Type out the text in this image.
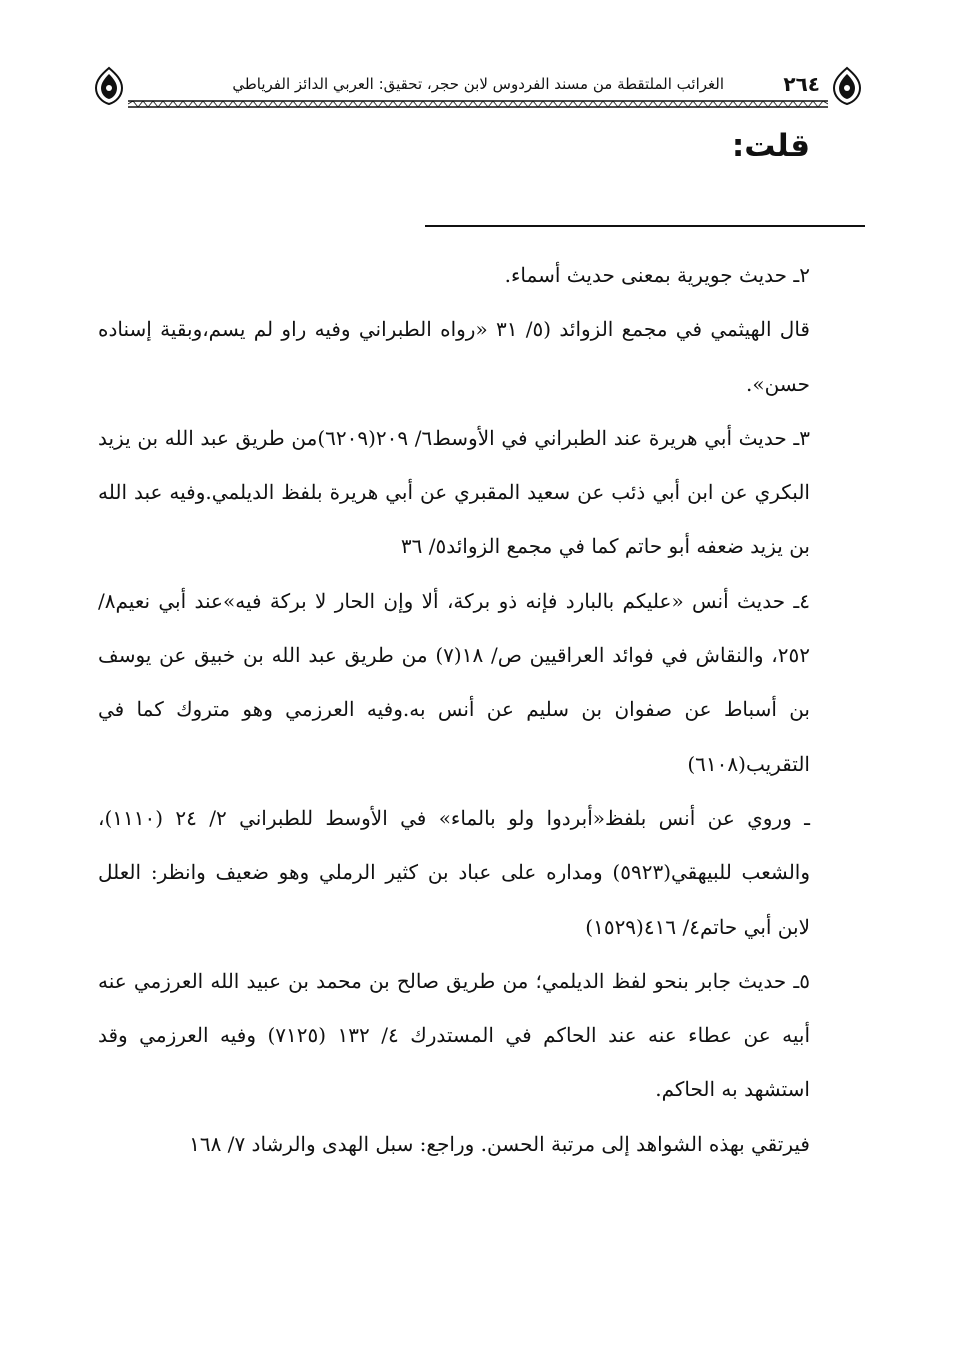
٢٦٤
الغرائب الملتقطة من مسند الفردوس لابن حجر، تحقيق: العربي الدائز الفرياطي
قلت:

٢ـ حديث جويرية بمعنى حديث أسماء.

قال الهيثمي في مجمع الزوائد (٥/ ٣١ «رواه الطبراني وفيه راو لم يسم،وبقية إسناده حسن».

٣ـ حديث أبي هريرة عند الطبراني في الأوسط٦/ ٢٠٩(٦٢٠٩)من طريق عبد الله بن يزيد البكري عن ابن أبي ذئب عن سعيد المقبري عن أبي هريرة بلفظ الديلمي.وفيه عبد الله بن يزيد ضعفه أبو حاتم كما في مجمع الزوائد٥/ ٣٦

٤ـ حديث أنس «عليكم بالبارد فإنه ذو بركة، ألا وإن الحار لا بركة فيه»عند أبي نعيم٨/ ٢٥٢، والنقاش في فوائد العراقيين ص/ ١٨(٧) من طريق عبد الله بن خبيق عن يوسف بن أسباط عن صفوان بن سليم عن أنس به.وفيه العرزمي وهو متروك كما في التقريب(٦١٠٨)

ـ وروي عن أنس بلفظ«أبردوا ولو بالماء» في الأوسط للطبراني ٢/ ٢٤ (١١١٠)، والشعب للبيهقي(٥٩٢٣) ومداره على عباد بن كثير الرملي وهو ضعيف وانظر: العلل لابن أبي حاتم٤/ ٤١٦(١٥٢٩)

٥ـ حديث جابر بنحو لفظ الديلمي؛ من طريق صالح بن محمد بن عبيد الله العرزمي عنه أبيه عن عطاء عنه عند الحاكم في المستدرك ٤/ ١٣٢ (٧١٢٥) وفيه العرزمي وقد استشهد به الحاكم.

فيرتقي بهذه الشواهد إلى مرتبة الحسن. وراجع: سبل الهدى والرشاد ٧/ ١٦٨
